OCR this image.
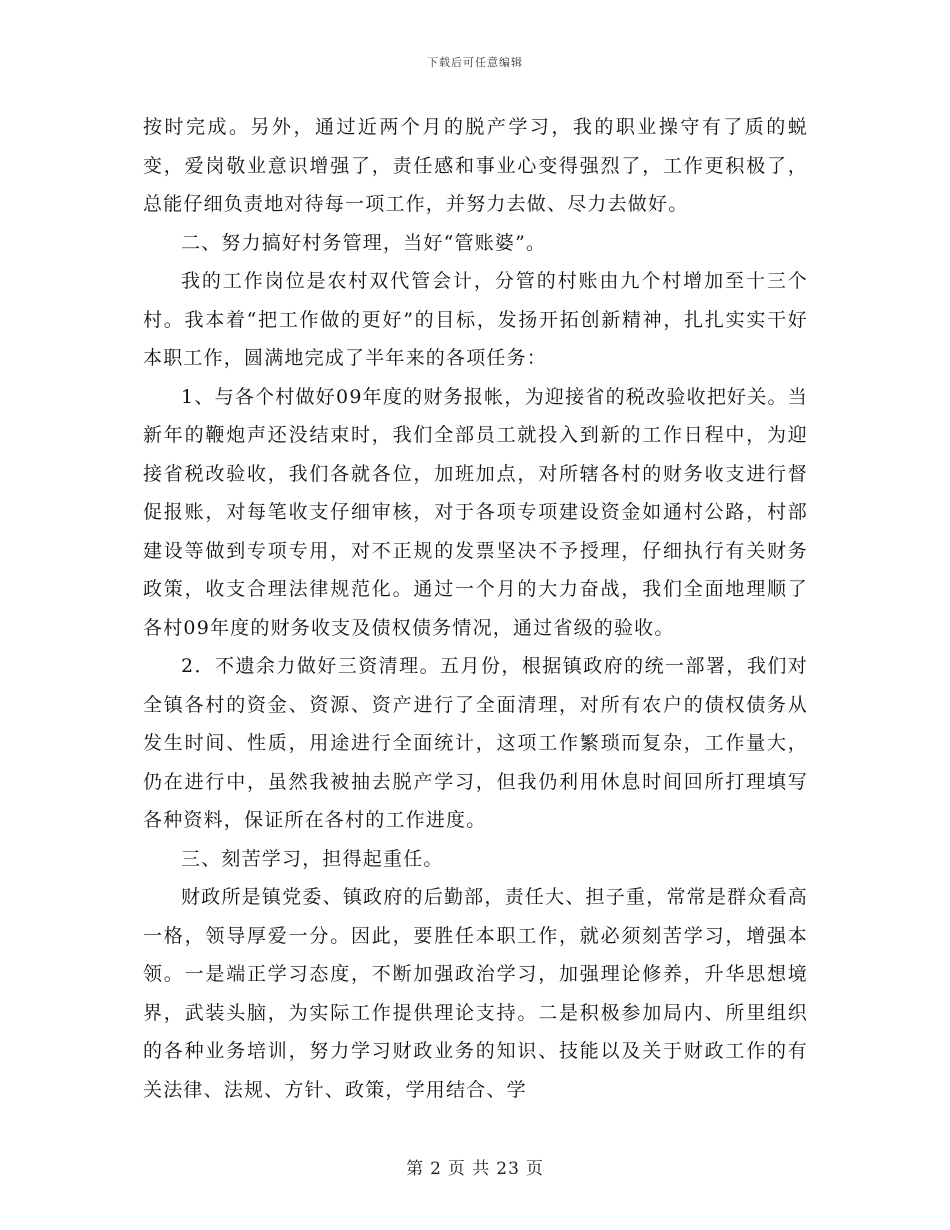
下载后可任意编辑

按时完成。另外，通过近两个月的脱产学习，我的职业操守有了质的蜕变，爱岗敬业意识增强了，责任感和事业心变得强烈了，工作更积极了，总能仔细负责地对待每一项工作，并努力去做、尽力去做好。

二、努力搞好村务管理，当好“管账婆”。

我的工作岗位是农村双代管会计，分管的村账由九个村增加至十三个村。我本着“把工作做的更好”的目标，发扬开拓创新精神，扎扎实实干好本职工作，圆满地完成了半年来的各项任务：

1、与各个村做好09年度的财务报帐，为迎接省的税改验收把好关。当新年的鞭炮声还没结束时，我们全部员工就投入到新的工作日程中，为迎接省税改验收，我们各就各位，加班加点，对所辖各村的财务收支进行督促报账，对每笔收支仔细审核，对于各项专项建设资金如通村公路，村部建设等做到专项专用，对不正规的发票坚决不予授理，仔细执行有关财务政策，收支合理法律规范化。通过一个月的大力奋战，我们全面地理顺了各村09年度的财务收支及债权债务情况，通过省级的验收。

2．不遗余力做好三资清理。五月份，根据镇政府的统一部署，我们对全镇各村的资金、资源、资产进行了全面清理，对所有农户的债权债务从发生时间、性质，用途进行全面统计，这项工作繁琐而复杂，工作量大，仍在进行中，虽然我被抽去脱产学习，但我仍利用休息时间回所打理填写各种资料，保证所在各村的工作进度。

三、刻苦学习，担得起重任。

财政所是镇党委、镇政府的后勤部，责任大、担子重，常常是群众看高一格，领导厚爱一分。因此，要胜任本职工作，就必须刻苦学习，增强本领。一是端正学习态度，不断加强政治学习，加强理论修养，升华思想境界，武装头脑，为实际工作提供理论支持。二是积极参加局内、所里组织的各种业务培训，努力学习财政业务的知识、技能以及关于财政工作的有关法律、法规、方针、政策，学用结合、学

第 2 页 共 23 页
